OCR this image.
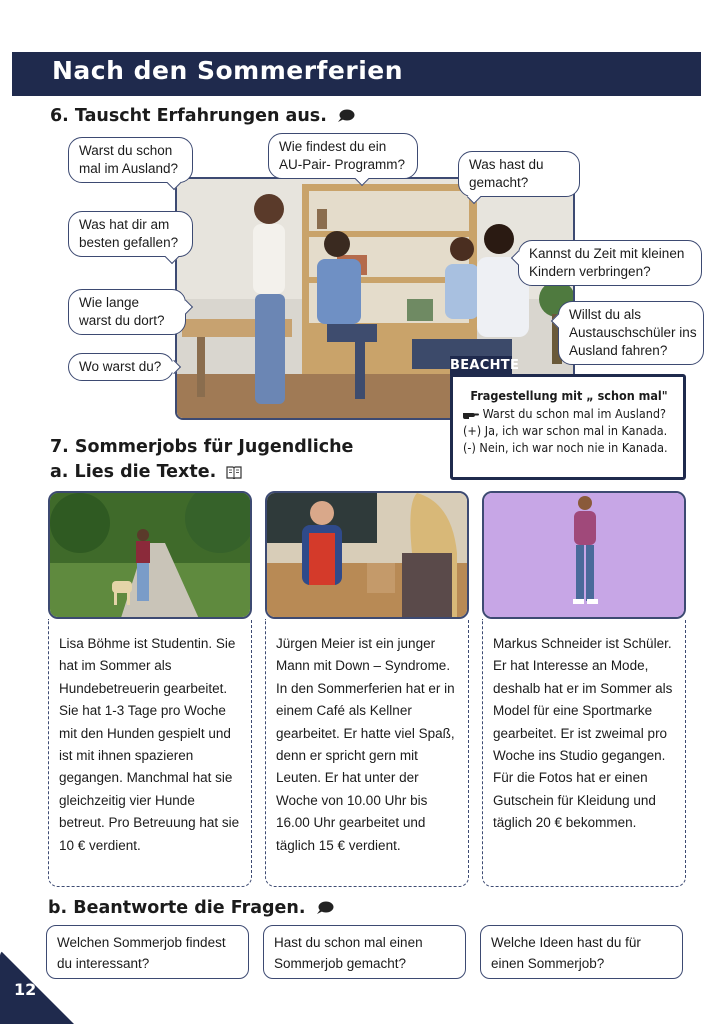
Nach den Sommerferien
6. Tauscht Erfahrungen aus.
Warst du schon mal im Ausland?
Wie findest du ein AU-Pair- Programm?	Was hast du gemacht?
Was hat dir am besten gefallen?
Kannst du Zeit mit kleinen Kindern verbringen?
Wie lange warst du dort?	Willst du als Austauschschüler ins Ausland fahren?
Wo warst du?	BEACHTE
Fragestellung mit „ schon mal"
Warst du schon mal im Ausland?
(+) Ja, ich war schon mal in Kanada.
(-) Nein, ich war noch nie in Kanada.
7. Sommerjobs für Jugendliche
a. Lies die Texte.
Lisa Böhme ist Studentin. Sie hat im Sommer als Hundebetreuerin gearbeitet. Sie hat 1-3 Tage pro Woche mit den Hunden gespielt und ist mit ihnen spazieren gegangen. Manchmal hat sie gleichzeitig vier Hunde betreut. Pro Betreuung hat sie 10 € verdient.
Jürgen Meier ist ein junger Mann mit Down – Syndrome. In den Sommerferien hat er in einem Café als Kellner gearbeitet. Er hatte viel Spaß, denn er spricht gern mit Leuten. Er hat unter der Woche von 10.00 Uhr bis 16.00 Uhr gearbeitet und täglich 15 € verdient.
Markus Schneider ist Schüler. Er hat Interesse an Mode, deshalb hat er im Sommer als Model für eine Sportmarke gearbeitet. Er ist zweimal pro Woche ins Studio gegangen. Für die Fotos hat er einen Gutschein für Kleidung und täglich 20 € bekommen.
b. Beantworte die Fragen.
Welchen Sommerjob findest du interessant?
Hast du schon mal einen Sommerjob gemacht?
Welche Ideen hast du für einen Sommerjob?
12
